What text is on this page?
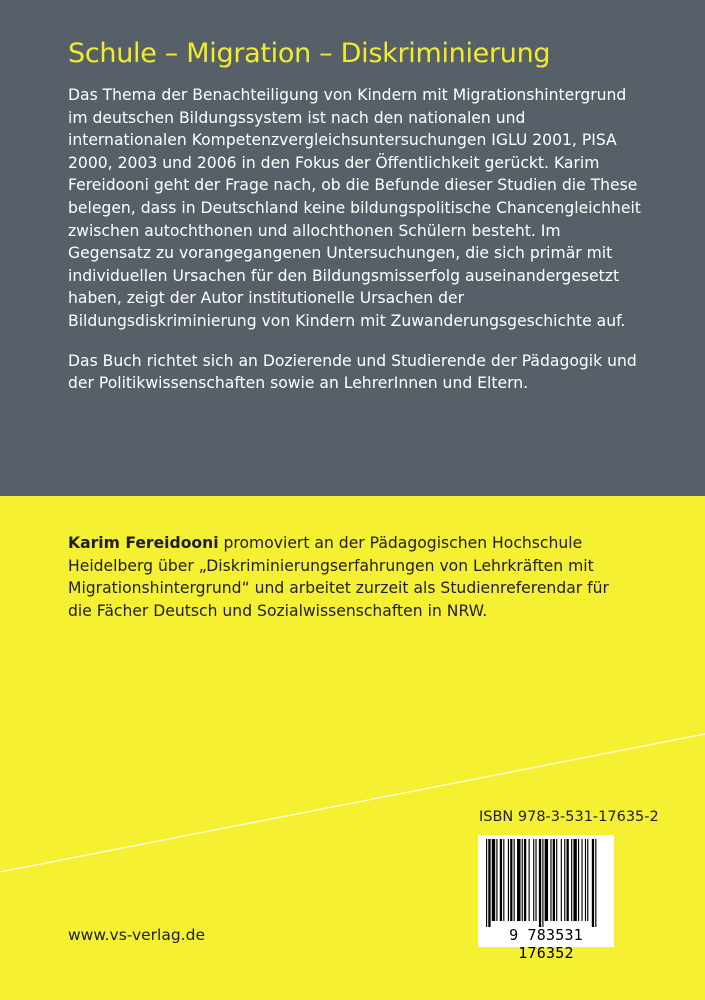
Schule – Migration – Diskriminierung

Das Thema der Benachteiligung von Kindern mit Migrationshintergrund im deutschen Bildungssystem ist nach den nationalen und internationalen Kompetenzvergleichsuntersuchungen IGLU 2001, PISA 2000, 2003 und 2006 in den Fokus der Öffentlichkeit gerückt. Karim Fereidooni geht der Frage nach, ob die Befunde dieser Studien die These belegen, dass in Deutschland keine bildungspolitische Chancengleichheit zwischen autochthonen und allochthonen Schülern besteht. Im Gegensatz zu vorangegangenen Untersuchungen, die sich primär mit individuellen Ursachen für den Bildungsmisserfolg auseinandergesetzt haben, zeigt der Autor institutionelle Ursachen der Bildungsdiskriminierung von Kindern mit Zuwanderungsgeschichte auf.

Das Buch richtet sich an Dozierende und Studierende der Pädagogik und der Politikwissenschaften sowie an LehrerInnen und Eltern.

Karim Fereidooni promoviert an der Pädagogischen Hochschule Heidelberg über „Diskriminierungserfahrungen von Lehrkräften mit Migrationshintergrund“ und arbeitet zurzeit als Studienreferendar für die Fächer Deutsch und Sozialwissenschaften in NRW.

ISBN 978-3-531-17635-2
9 783531 176352
www.vs-verlag.de
